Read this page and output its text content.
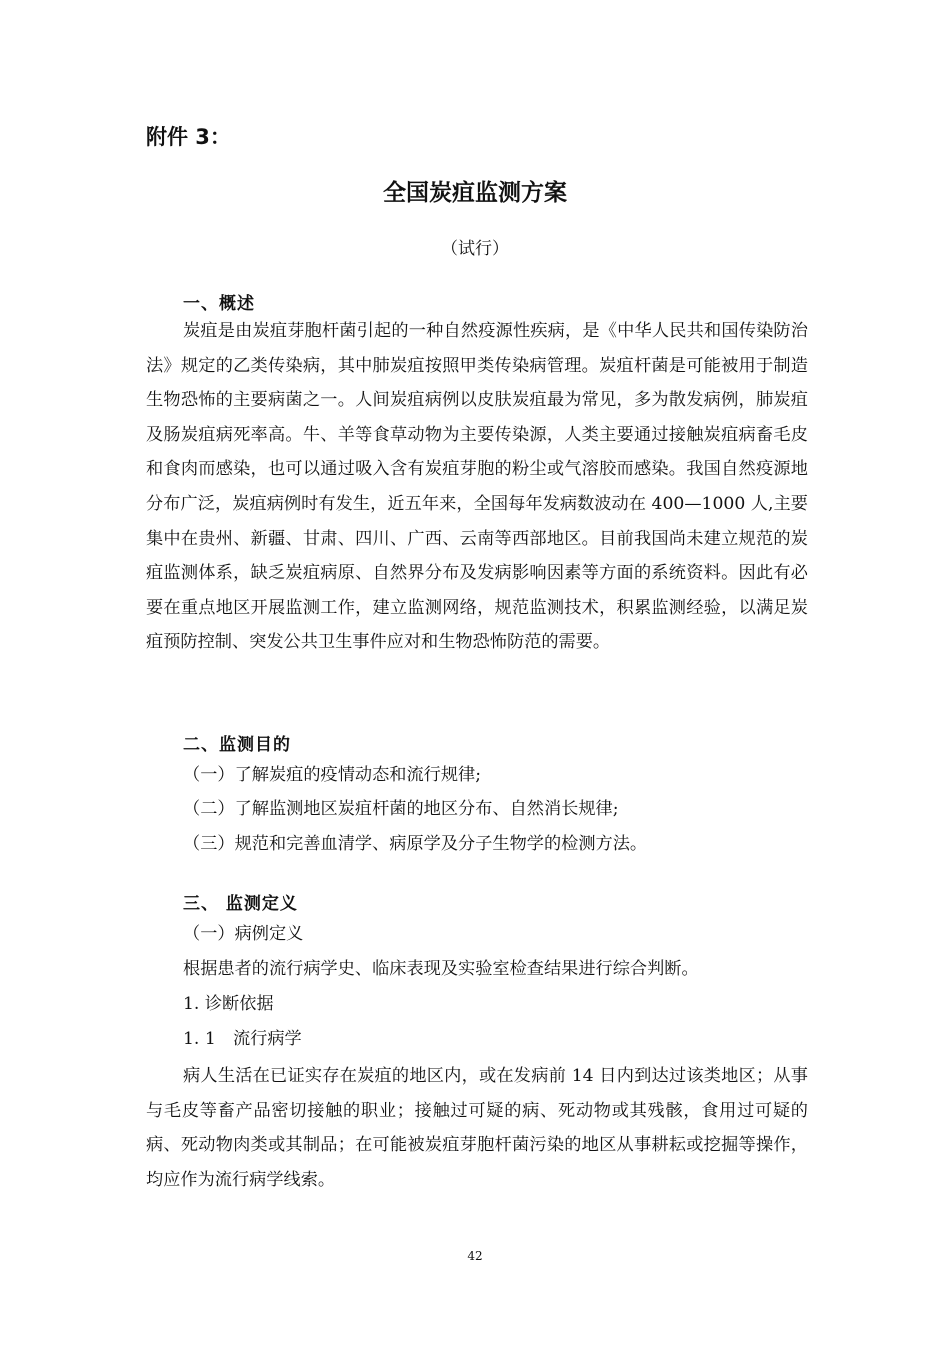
附件 3：

全国炭疽监测方案

（试行）

一、概述

炭疽是由炭疽芽胞杆菌引起的一种自然疫源性疾病，是《中华人民共和国传染防治法》规定的乙类传染病，其中肺炭疽按照甲类传染病管理。炭疽杆菌是可能被用于制造生物恐怖的主要病菌之一。人间炭疽病例以皮肤炭疽最为常见，多为散发病例，肺炭疽及肠炭疽病死率高。牛、羊等食草动物为主要传染源，人类主要通过接触炭疽病畜毛皮和食肉而感染，也可以通过吸入含有炭疽芽胞的粉尘或气溶胶而感染。我国自然疫源地分布广泛，炭疽病例时有发生，近五年来，全国每年发病数波动在 400—1000 人,主要集中在贵州、新疆、甘肃、四川、广西、云南等西部地区。目前我国尚未建立规范的炭疽监测体系，缺乏炭疽病原、自然界分布及发病影响因素等方面的系统资料。因此有必要在重点地区开展监测工作，建立监测网络，规范监测技术，积累监测经验，以满足炭疽预防控制、突发公共卫生事件应对和生物恐怖防范的需要。

二、监测目的

（一）了解炭疽的疫情动态和流行规律;

（二）了解监测地区炭疽杆菌的地区分布、自然消长规律;

（三）规范和完善血清学、病原学及分子生物学的检测方法。

三、 监测定义

（一）病例定义

根据患者的流行病学史、临床表现及实验室检查结果进行综合判断。

1. 诊断依据

1. 1　流行病学

病人生活在已证实存在炭疽的地区内，或在发病前 14 日内到达过该类地区；从事与毛皮等畜产品密切接触的职业；接触过可疑的病、死动物或其残骸，食用过可疑的病、死动物肉类或其制品；在可能被炭疽芽胞杆菌污染的地区从事耕耘或挖掘等操作，均应作为流行病学线索。

42
